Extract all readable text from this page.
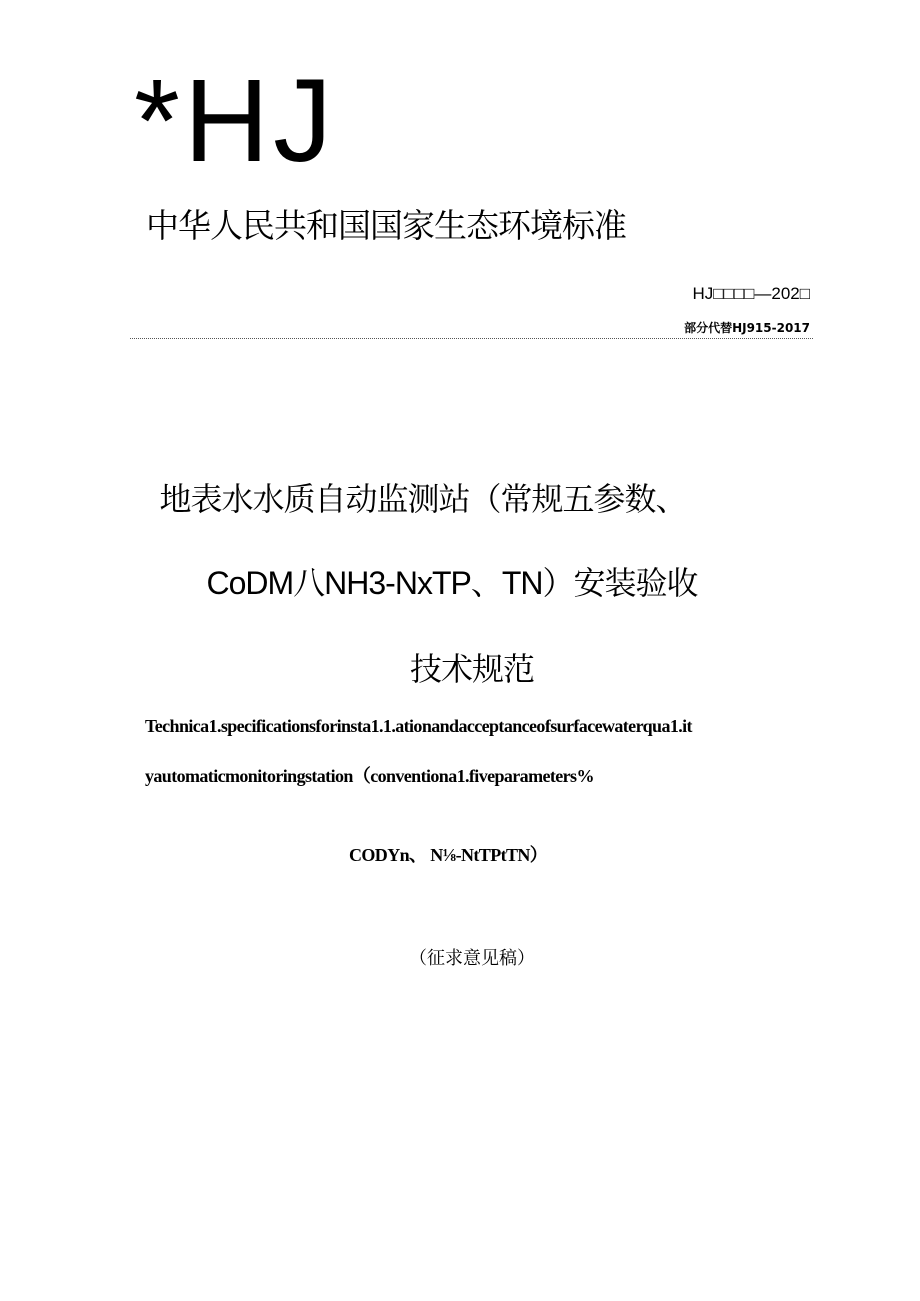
*HJ
中华人民共和国国家生态环境标准
HJ□□□□—202□
部分代替HJ915-2017
地表水水质自动监测站（常规五参数、
CoDM八NH3-NxTP、TN）安装验收
技术规范
Technica1.specificationsforinsta1.1.ationandacceptanceofsurfacewaterqua1.it
yautomaticmonitoringstation（conventiona1.fiveparameters%
CODYn、 N⅛-NtTPtTN）
（征求意见稿）
